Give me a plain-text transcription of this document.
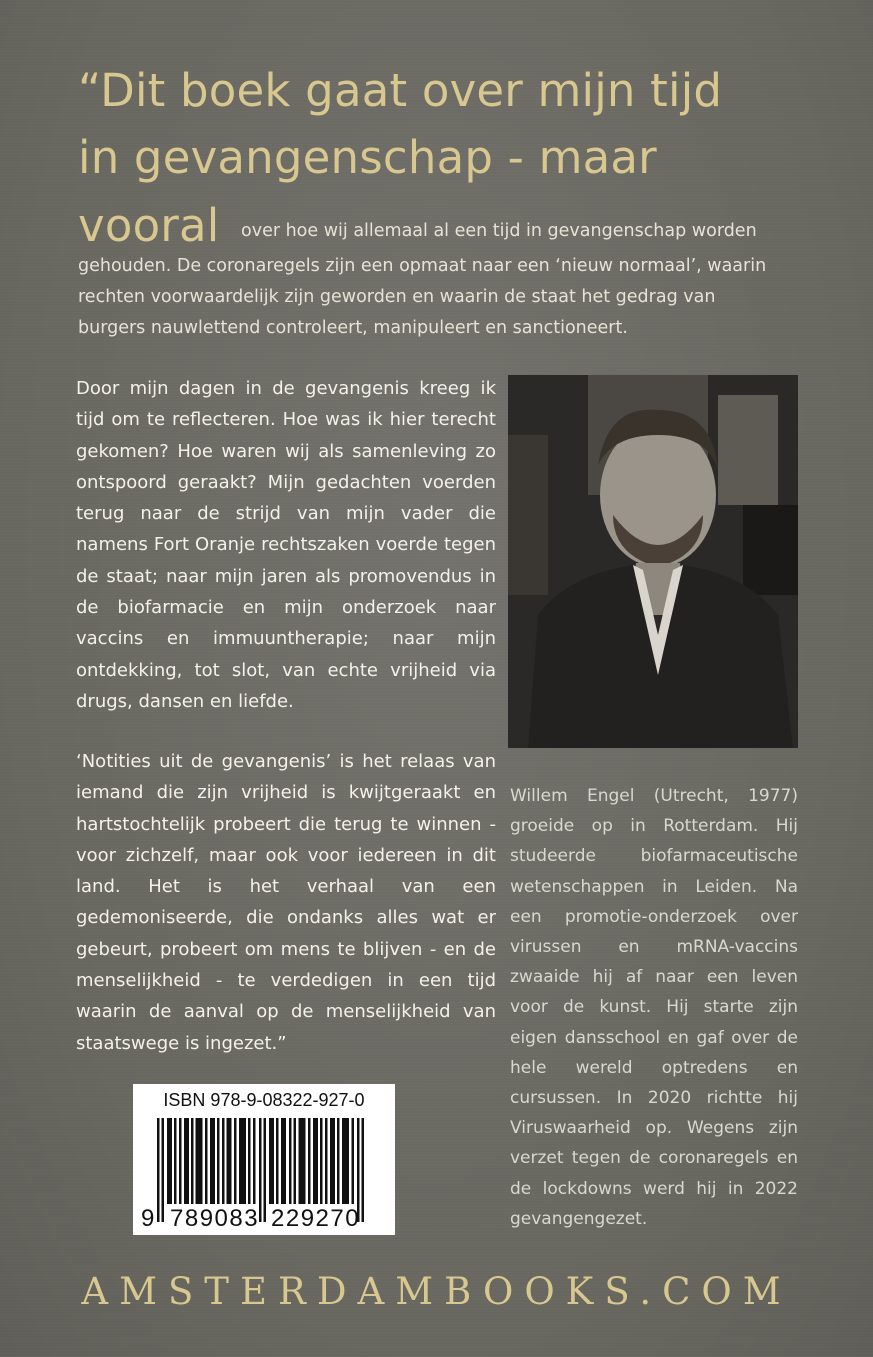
“Dit boek gaat over mijn tijd
in gevangenschap - maar
vooral over hoe wij allemaal al een tijd in gevangenschap worden
gehouden. De coronaregels zijn een opmaat naar een ‘nieuw normaal’, waarin
rechten voorwaardelijk zijn geworden en waarin de staat het gedrag van
burgers nauwlettend controleert, manipuleert en sanctioneert.
Door mijn dagen in de gevangenis kreeg ik tijd om te reflecteren. Hoe was ik hier terecht gekomen? Hoe waren wij als samenleving zo ontspoord geraakt? Mijn gedachten voerden terug naar de strijd van mijn vader die namens Fort Oranje rechtszaken voerde tegen de staat; naar mijn jaren als promovendus in de biofarmacie en mijn onderzoek naar vaccins en immuuntherapie; naar mijn ontdekking, tot slot, van echte vrijheid via drugs, dansen en liefde.
‘Notities uit de gevangenis’ is het relaas van iemand die zijn vrijheid is kwijtgeraakt en hartstochtelijk probeert die terug te winnen - voor zichzelf, maar ook voor iedereen in dit land. Het is het verhaal van een gedemoniseerde, die ondanks alles wat er gebeurt, probeert om mens te blijven - en de menselijkheid - te verdedigen in een tijd waarin de aanval op de menselijkheid van staatswege is ingezet.”
Willem Engel (Utrecht, 1977) groeide op in Rotterdam. Hij studeerde biofarmaceutische wetenschappen in Leiden. Na een promotie-onderzoek over virussen en mRNA-vaccins zwaaide hij af naar een leven voor de kunst. Hij starte zijn eigen dansschool en gaf over de hele wereld optredens en cursussen. In 2020 richtte hij Viruswaarheid op. Wegens zijn verzet tegen de coronaregels en de lockdowns werd hij in 2022 gevangengezet.
ISBN 978-9-08322-927-0
9 789083 229270
AMSTERDAMBOOKS.COM
